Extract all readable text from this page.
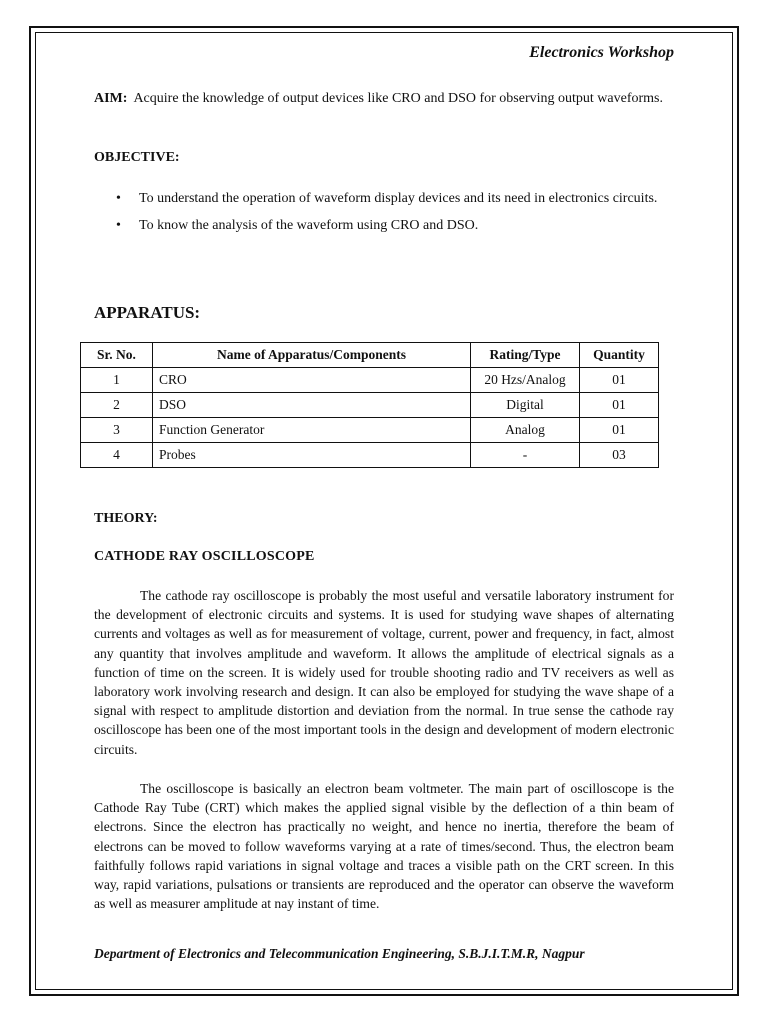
Electronics Workshop
AIM: Acquire the knowledge of output devices like CRO and DSO for observing output waveforms.
OBJECTIVE:
• To understand the operation of waveform display devices and its need in electronics circuits.
• To know the analysis of the waveform using CRO and DSO.
APPARATUS:
Sr. No.	Name of Apparatus/Components	Rating/Type	Quantity
1	CRO	20 Hzs/Analog	01
2	DSO	Digital	01
3	Function Generator	Analog	01
4	Probes	-	03
THEORY:
CATHODE RAY OSCILLOSCOPE

The cathode ray oscilloscope is probably the most useful and versatile laboratory instrument for the development of electronic circuits and systems. It is used for studying wave shapes of alternating currents and voltages as well as for measurement of voltage, current, power and frequency, in fact, almost any quantity that involves amplitude and waveform. It allows the amplitude of electrical signals as a function of time on the screen. It is widely used for trouble shooting radio and TV receivers as well as laboratory work involving research and design. It can also be employed for studying the wave shape of a signal with respect to amplitude distortion and deviation from the normal. In true sense the cathode ray oscilloscope has been one of the most important tools in the design and development of modern electronic circuits.

The oscilloscope is basically an electron beam voltmeter. The main part of oscilloscope is the Cathode Ray Tube (CRT) which makes the applied signal visible by the deflection of a thin beam of electrons. Since the electron has practically no weight, and hence no inertia, therefore the beam of electrons can be moved to follow waveforms varying at a rate of times/second. Thus, the electron beam faithfully follows rapid variations in signal voltage and traces a visible path on the CRT screen. In this way, rapid variations, pulsations or transients are reproduced and the operator can observe the waveform as well as measurer amplitude at nay instant of time.

Department of Electronics and Telecommunication Engineering, S.B.J.I.T.M.R, Nagpur
